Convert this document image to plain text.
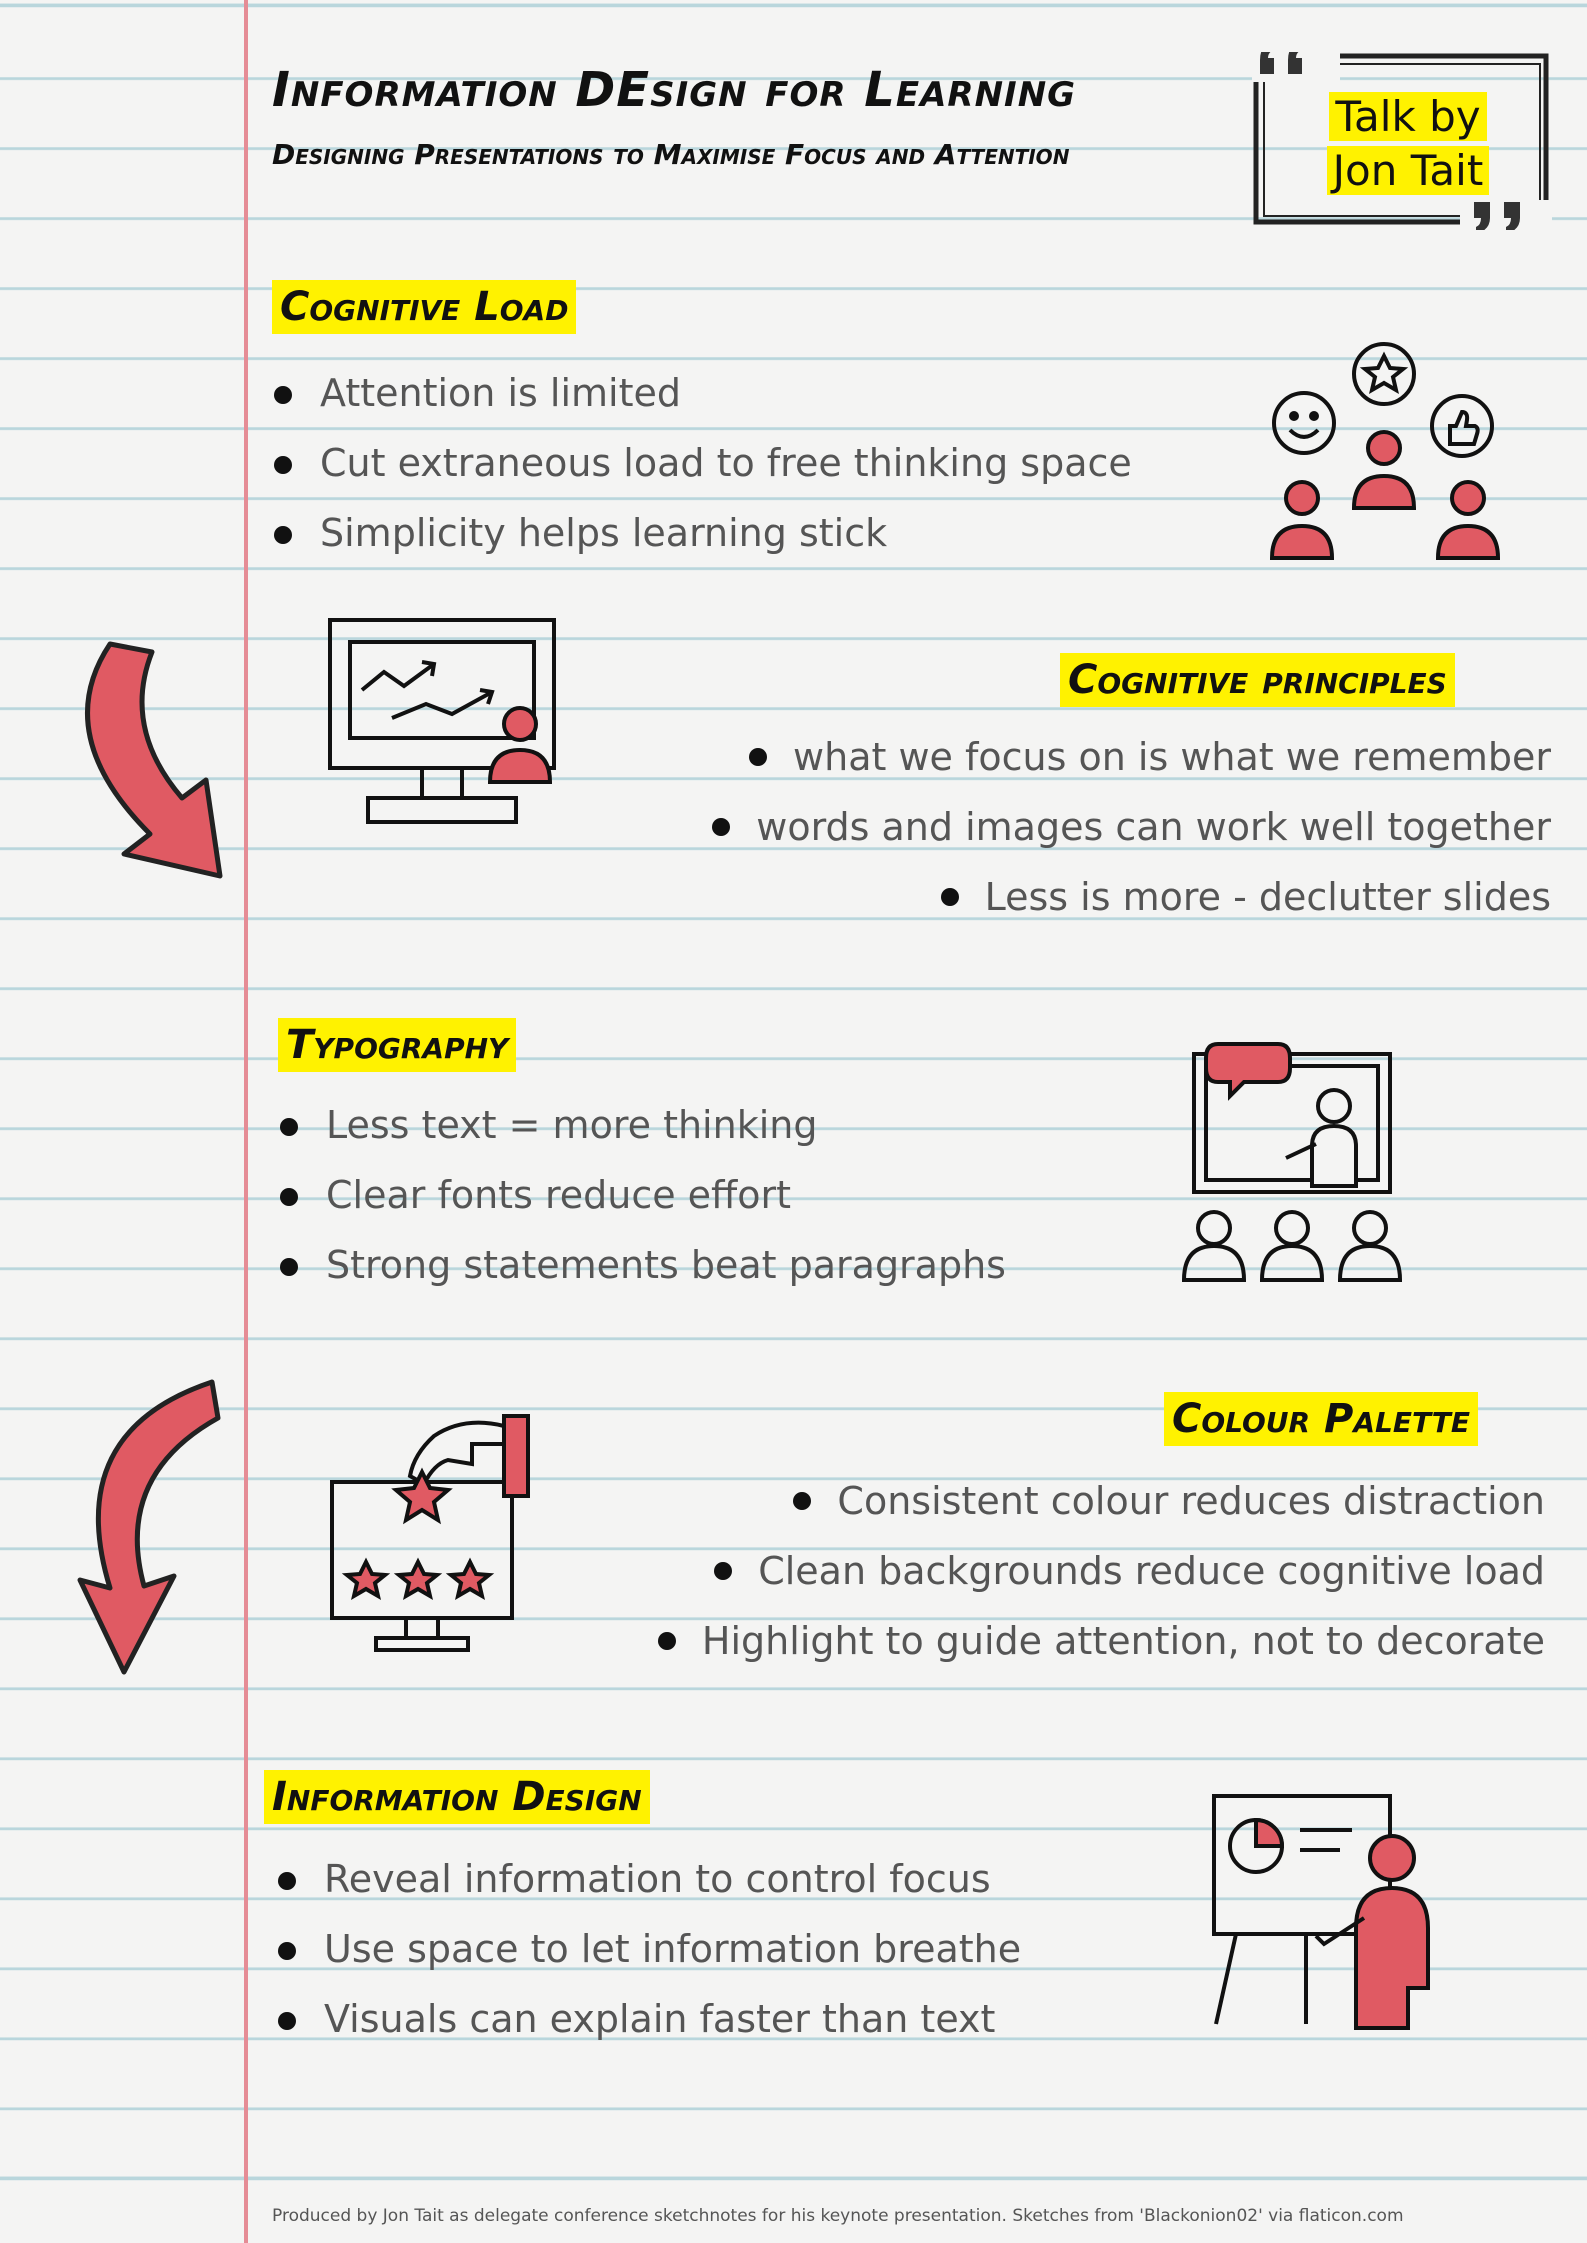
Information DEsign for Learning
Designing Presentations to Maximise Focus and Attention
Talk by
Jon Tait
Cognitive Load
Attention is limited
Cut extraneous load to free thinking space
Simplicity helps learning stick
Cognitive principles
what we focus on is what we remember
words and images can work well together
Less is more - declutter slides
Typography
Less text = more thinking
Clear fonts reduce effort
Strong statements beat paragraphs
Colour Palette
Consistent colour reduces distraction
Clean backgrounds reduce cognitive load
Highlight to guide attention, not to decorate
Information Design
Reveal information to control focus
Use space to let information breathe
Visuals can explain faster than text
Produced by Jon Tait as delegate conference sketchnotes for his keynote presentation. Sketches from 'Blackonion02' via flaticon.com
